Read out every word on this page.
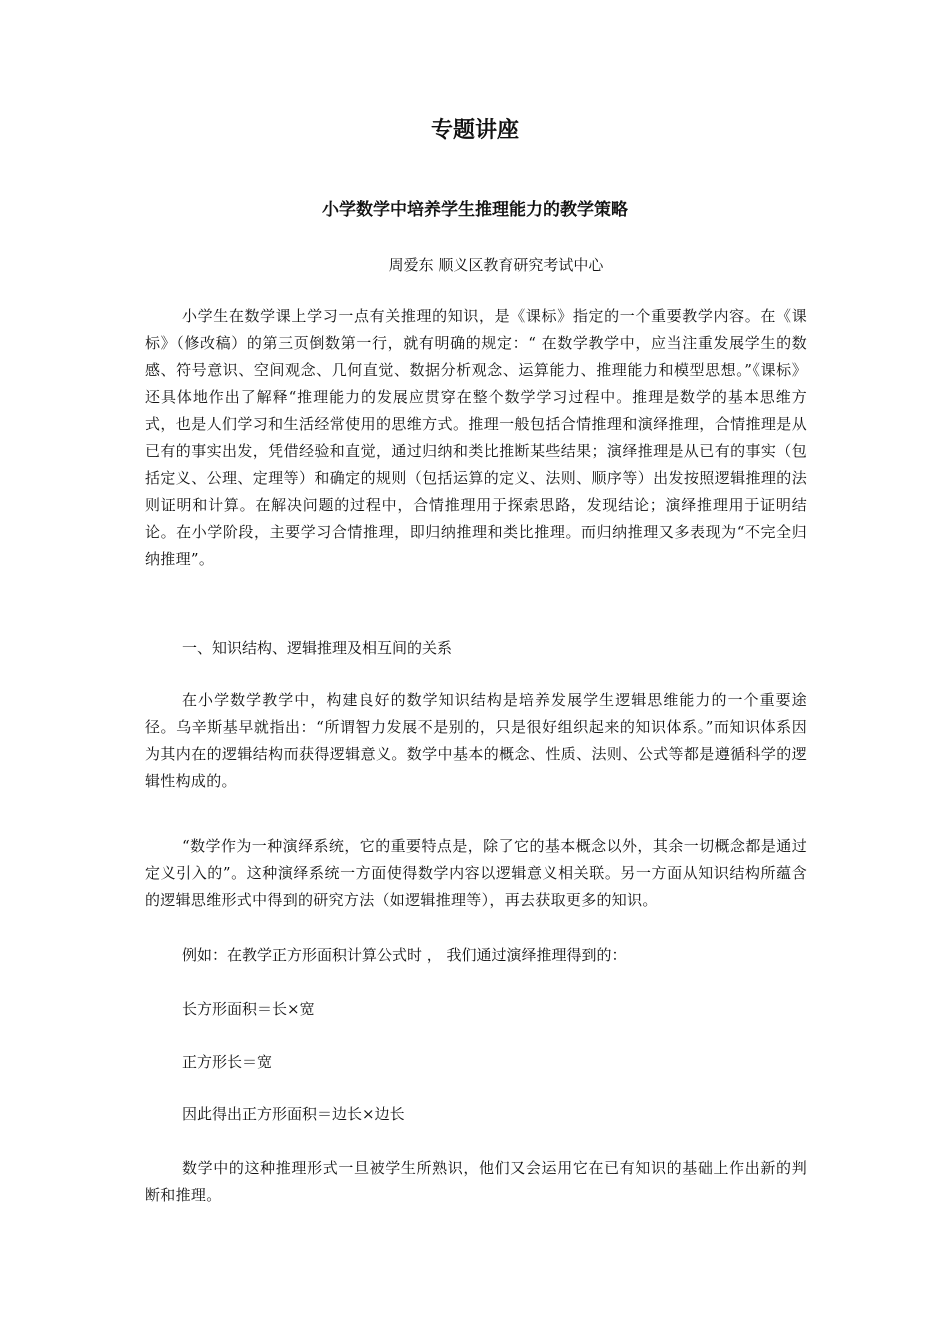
专题讲座
小学数学中培养学生推理能力的教学策略
周爱东 顺义区教育研究考试中心

小学生在数学课上学习一点有关推理的知识，是《课标》指定的一个重要教学内容。在《课标》（修改稿）的第三页倒数第一行，就有明确的规定：“ 在数学教学中，应当注重发展学生的数感、符号意识、空间观念、几何直觉、数据分析观念、运算能力、推理能力和模型思想。”《课标》还具体地作出了解释“推理能力的发展应贯穿在整个数学学习过程中。推理是数学的基本思维方式，也是人们学习和生活经常使用的思维方式。推理一般包括合情推理和演绎推理，合情推理是从已有的事实出发，凭借经验和直觉，通过归纳和类比推断某些结果；演绎推理是从已有的事实（包括定义、公理、定理等）和确定的规则（包括运算的定义、法则、顺序等）出发按照逻辑推理的法则证明和计算。在解决问题的过程中，合情推理用于探索思路，发现结论；演绎推理用于证明结论。在小学阶段，主要学习合情推理，即归纳推理和类比推理。而归纳推理又多表现为“不完全归纳推理”。

一、知识结构、逻辑推理及相互间的关系

在小学数学教学中，构建良好的数学知识结构是培养发展学生逻辑思维能力的一个重要途径。乌辛斯基早就指出：“所谓智力发展不是别的，只是很好组织起来的知识体系。”而知识体系因为其内在的逻辑结构而获得逻辑意义。数学中基本的概念、性质、法则、公式等都是遵循科学的逻辑性构成的。

“数学作为一种演绎系统，它的重要特点是，除了它的基本概念以外，其余一切概念都是通过定义引入的”。这种演绎系统一方面使得数学内容以逻辑意义相关联。另一方面从知识结构所蕴含的逻辑思维形式中得到的研究方法（如逻辑推理等），再去获取更多的知识。

例如：在教学正方形面积计算公式时 ， 我们通过演绎推理得到的：

长方形面积＝长×宽

正方形长＝宽

因此得出正方形面积＝边长×边长

数学中的这种推理形式一旦被学生所熟识，他们又会运用它在已有知识的基础上作出新的判断和推理。
